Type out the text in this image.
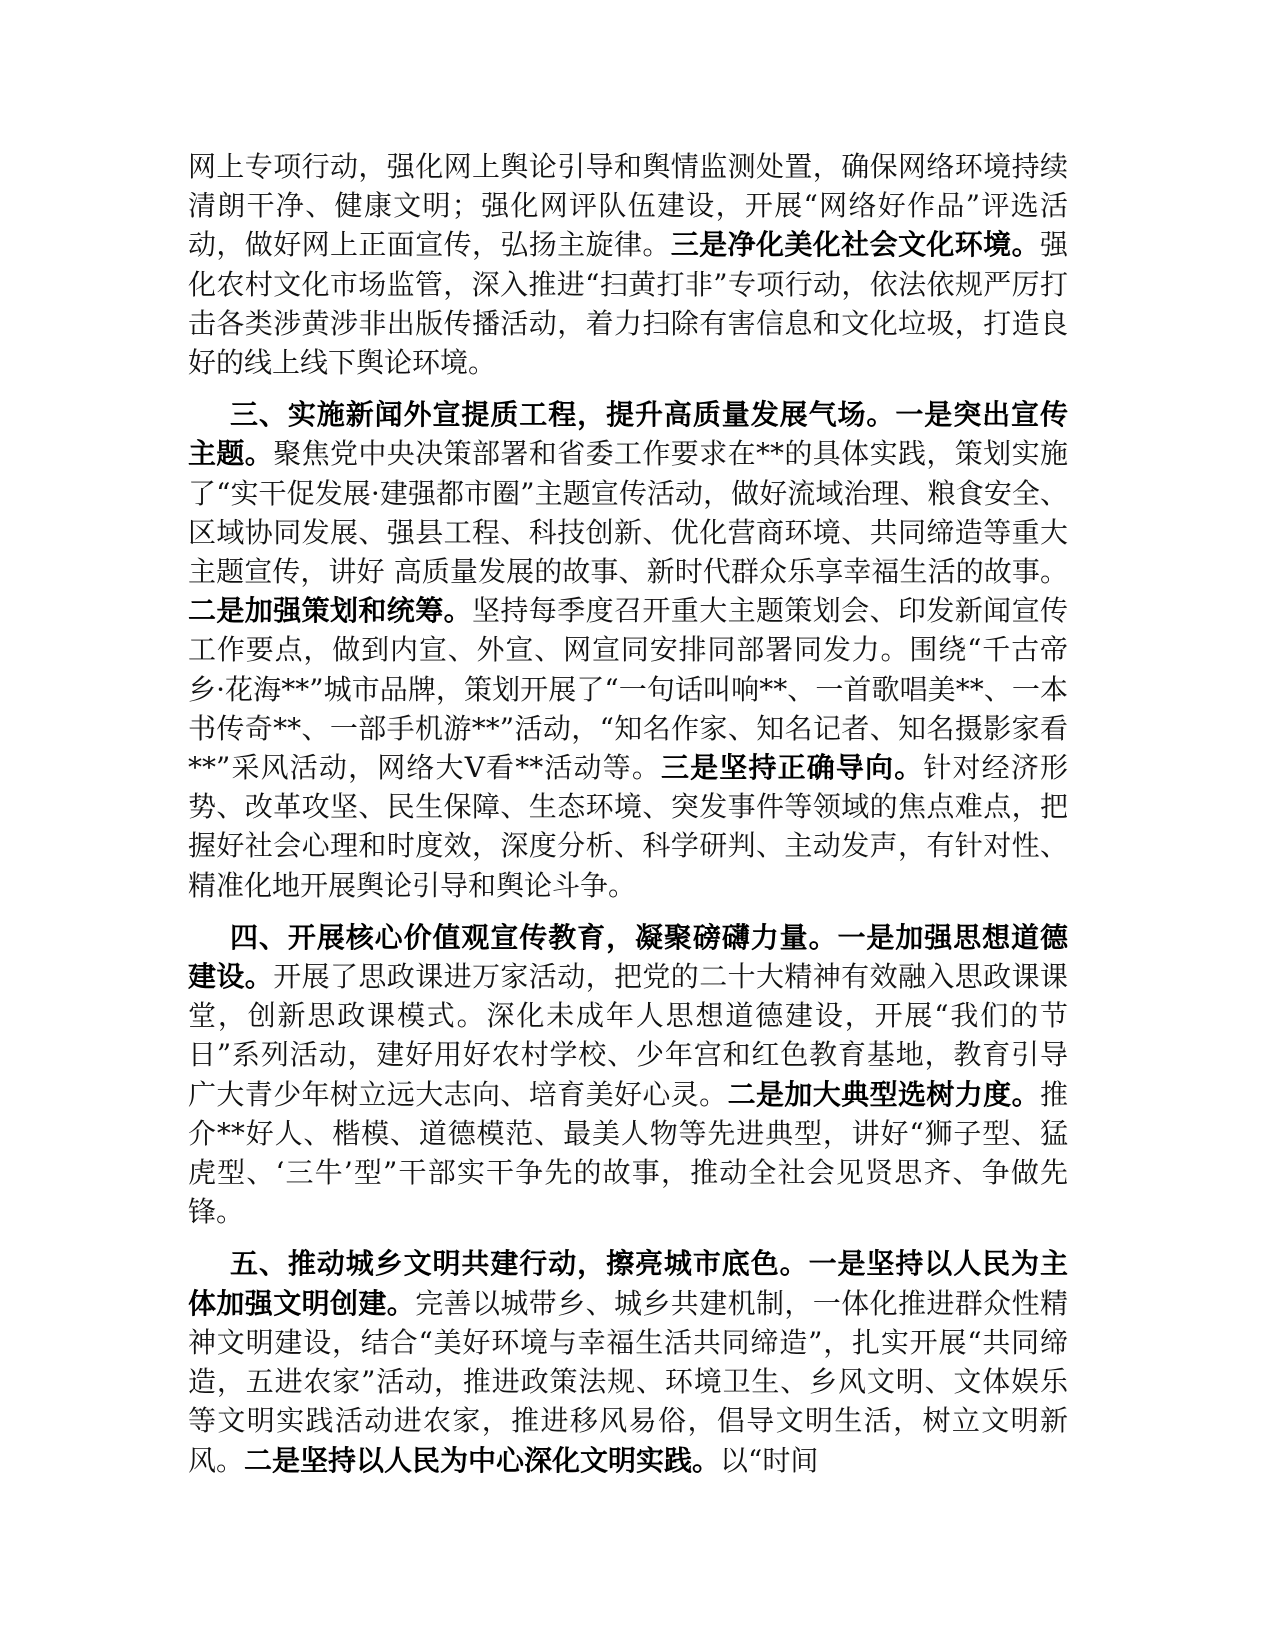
网上专项行动，强化网上舆论引导和舆情监测处置，确保网络环境持续清朗干净、健康文明；强化网评队伍建设，开展“网络好作品”评选活动，做好网上正面宣传，弘扬主旋律。三是净化美化社会文化环境。强化农村文化市场监管，深入推进“扫黄打非”专项行动，依法依规严厉打击各类涉黄涉非出版传播活动，着力扫除有害信息和文化垃圾，打造良好的线上线下舆论环境。

三、实施新闻外宣提质工程，提升高质量发展气场。一是突出宣传主题。聚焦党中央决策部署和省委工作要求在**的具体实践，策划实施了“实干促发展·建强都市圈”主题宣传活动，做好流域治理、粮食安全、区域协同发展、强县工程、科技创新、优化营商环境、共同缔造等重大主题宣传，讲好 高质量发展的故事、新时代群众乐享幸福生活的故事。二是加强策划和统筹。坚持每季度召开重大主题策划会、印发新闻宣传工作要点，做到内宣、外宣、网宣同安排同部署同发力。围绕“千古帝乡·花海**”城市品牌，策划开展了“一句话叫响**、一首歌唱美**、一本书传奇**、一部手机游**”活动，“知名作家、知名记者、知名摄影家看**”采风活动，网络大V看**活动等。三是坚持正确导向。针对经济形势、改革攻坚、民生保障、生态环境、突发事件等领域的焦点难点，把握好社会心理和时度效，深度分析、科学研判、主动发声，有针对性、精准化地开展舆论引导和舆论斗争。

四、开展核心价值观宣传教育，凝聚磅礴力量。一是加强思想道德建设。开展了思政课进万家活动，把党的二十大精神有效融入思政课课堂，创新思政课模式。深化未成年人思想道德建设，开展“我们的节日”系列活动，建好用好农村学校、少年宫和红色教育基地，教育引导广大青少年树立远大志向、培育美好心灵。二是加大典型选树力度。推介**好人、楷模、道德模范、最美人物等先进典型，讲好“狮子型、猛虎型、‘三牛’型”干部实干争先的故事，推动全社会见贤思齐、争做先锋。

五、推动城乡文明共建行动，擦亮城市底色。一是坚持以人民为主体加强文明创建。完善以城带乡、城乡共建机制，一体化推进群众性精神文明建设，结合“美好环境与幸福生活共同缔造”，扎实开展“共同缔造，五进农家”活动，推进政策法规、环境卫生、乡风文明、文体娱乐等文明实践活动进农家，推进移风易俗，倡导文明生活，树立文明新风。二是坚持以人民为中心深化文明实践。以“时间
